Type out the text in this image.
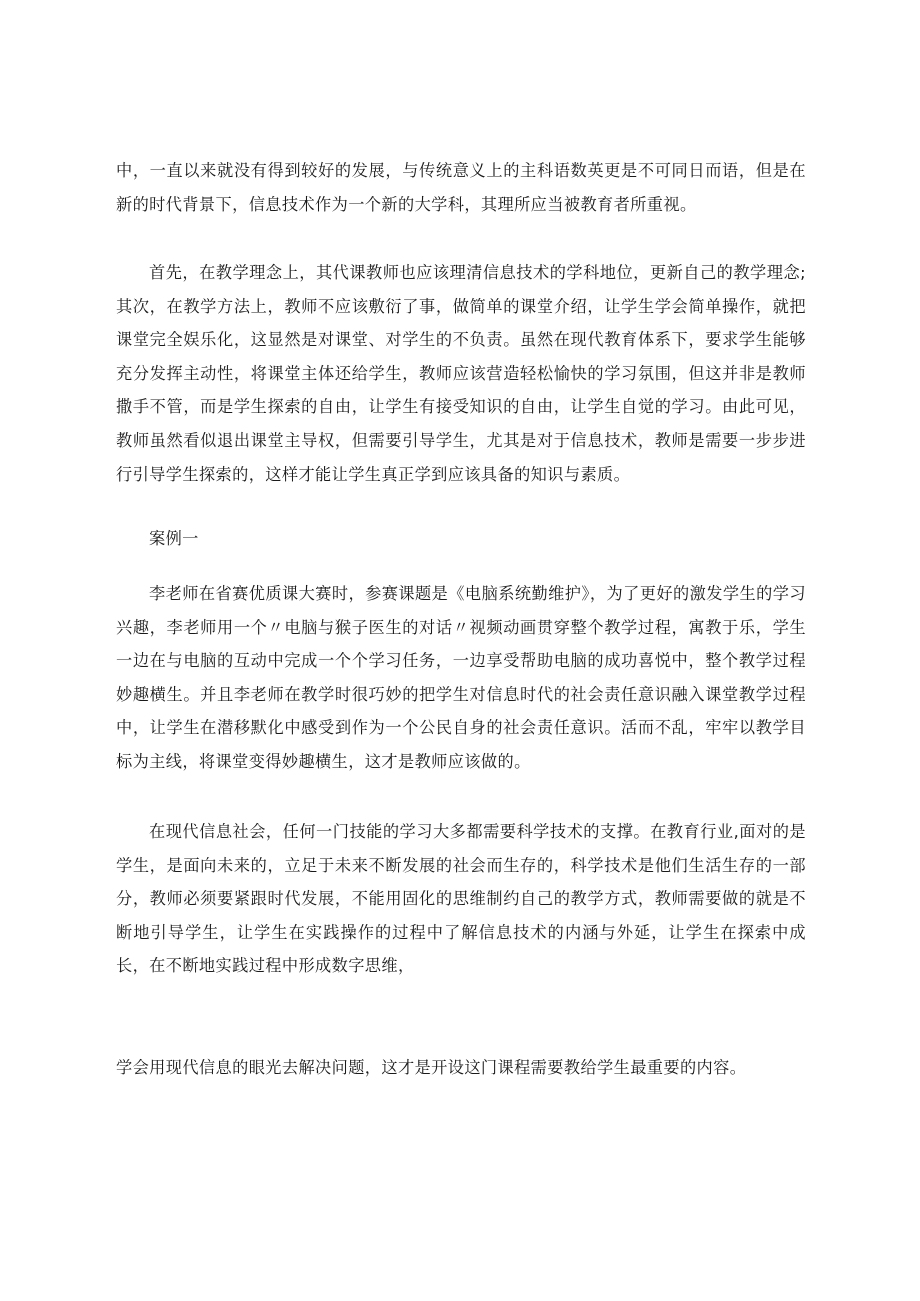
中，一直以来就没有得到较好的发展，与传统意义上的主科语数英更是不可同日而语，但是在新的时代背景下，信息技术作为一个新的大学科，其理所应当被教育者所重视。

首先，在教学理念上，其代课教师也应该理清信息技术的学科地位，更新自己的教学理念;其次，在教学方法上，教师不应该敷衍了事，做简单的课堂介绍，让学生学会简单操作，就把课堂完全娱乐化，这显然是对课堂、对学生的不负责。虽然在现代教育体系下，要求学生能够充分发挥主动性，将课堂主体还给学生，教师应该营造轻松愉快的学习氛围，但这并非是教师撒手不管，而是学生探索的自由，让学生有接受知识的自由，让学生自觉的学习。由此可见，教师虽然看似退出课堂主导权，但需要引导学生，尤其是对于信息技术，教师是需要一步步进行引导学生探索的，这样才能让学生真正学到应该具备的知识与素质。

案例一

李老师在省赛优质课大赛时，参赛课题是《电脑系统勤维护》，为了更好的激发学生的学习兴趣，李老师用一个〃电脑与猴子医生的对话〃视频动画贯穿整个教学过程，寓教于乐，学生一边在与电脑的互动中完成一个个学习任务，一边享受帮助电脑的成功喜悦中，整个教学过程妙趣横生。并且李老师在教学时很巧妙的把学生对信息时代的社会责任意识融入课堂教学过程中，让学生在潜移默化中感受到作为一个公民自身的社会责任意识。活而不乱，牢牢以教学目标为主线，将课堂变得妙趣横生，这才是教师应该做的。

在现代信息社会，任何一门技能的学习大多都需要科学技术的支撑。在教育行业,面对的是学生，是面向未来的，立足于未来不断发展的社会而生存的，科学技术是他们生活生存的一部分，教师必须要紧跟时代发展，不能用固化的思维制约自己的教学方式，教师需要做的就是不断地引导学生，让学生在实践操作的过程中了解信息技术的内涵与外延，让学生在探索中成长，在不断地实践过程中形成数字思维，

学会用现代信息的眼光去解决问题，这才是开设这门课程需要教给学生最重要的内容。
